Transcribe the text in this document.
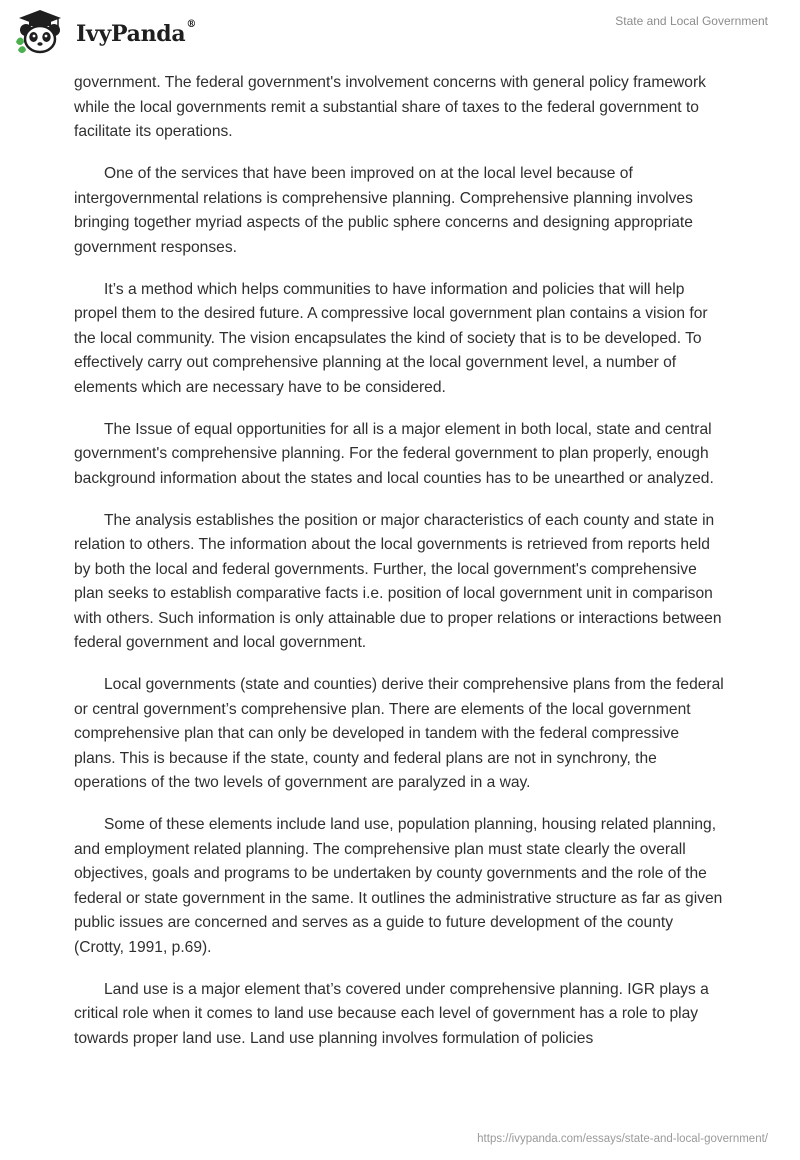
IvyPanda®	State and Local Government

government. The federal government's involvement concerns with general policy framework while the local governments remit a substantial share of taxes to the federal government to facilitate its operations.

One of the services that have been improved on at the local level because of intergovernmental relations is comprehensive planning. Comprehensive planning involves bringing together myriad aspects of the public sphere concerns and designing appropriate government responses.

It’s a method which helps communities to have information and policies that will help propel them to the desired future. A compressive local government plan contains a vision for the local community. The vision encapsulates the kind of society that is to be developed. To effectively carry out comprehensive planning at the local government level, a number of elements which are necessary have to be considered.

The Issue of equal opportunities for all is a major element in both local, state and central government's comprehensive planning. For the federal government to plan properly, enough background information about the states and local counties has to be unearthed or analyzed.

The analysis establishes the position or major characteristics of each county and state in relation to others. The information about the local governments is retrieved from reports held by both the local and federal governments. Further, the local government's comprehensive plan seeks to establish comparative facts i.e. position of local government unit in comparison with others. Such information is only attainable due to proper relations or interactions between federal government and local government.

Local governments (state and counties) derive their comprehensive plans from the federal or central government’s comprehensive plan. There are elements of the local government comprehensive plan that can only be developed in tandem with the federal compressive plans. This is because if the state, county and federal plans are not in synchrony, the operations of the two levels of government are paralyzed in a way.

Some of these elements include land use, population planning, housing related planning, and employment related planning. The comprehensive plan must state clearly the overall objectives, goals and programs to be undertaken by county governments and the role of the federal or state government in the same. It outlines the administrative structure as far as given public issues are concerned and serves as a guide to future development of the county (Crotty, 1991, p.69).

Land use is a major element that’s covered under comprehensive planning. IGR plays a critical role when it comes to land use because each level of government has a role to play towards proper land use. Land use planning involves formulation of policies

https://ivypanda.com/essays/state-and-local-government/
